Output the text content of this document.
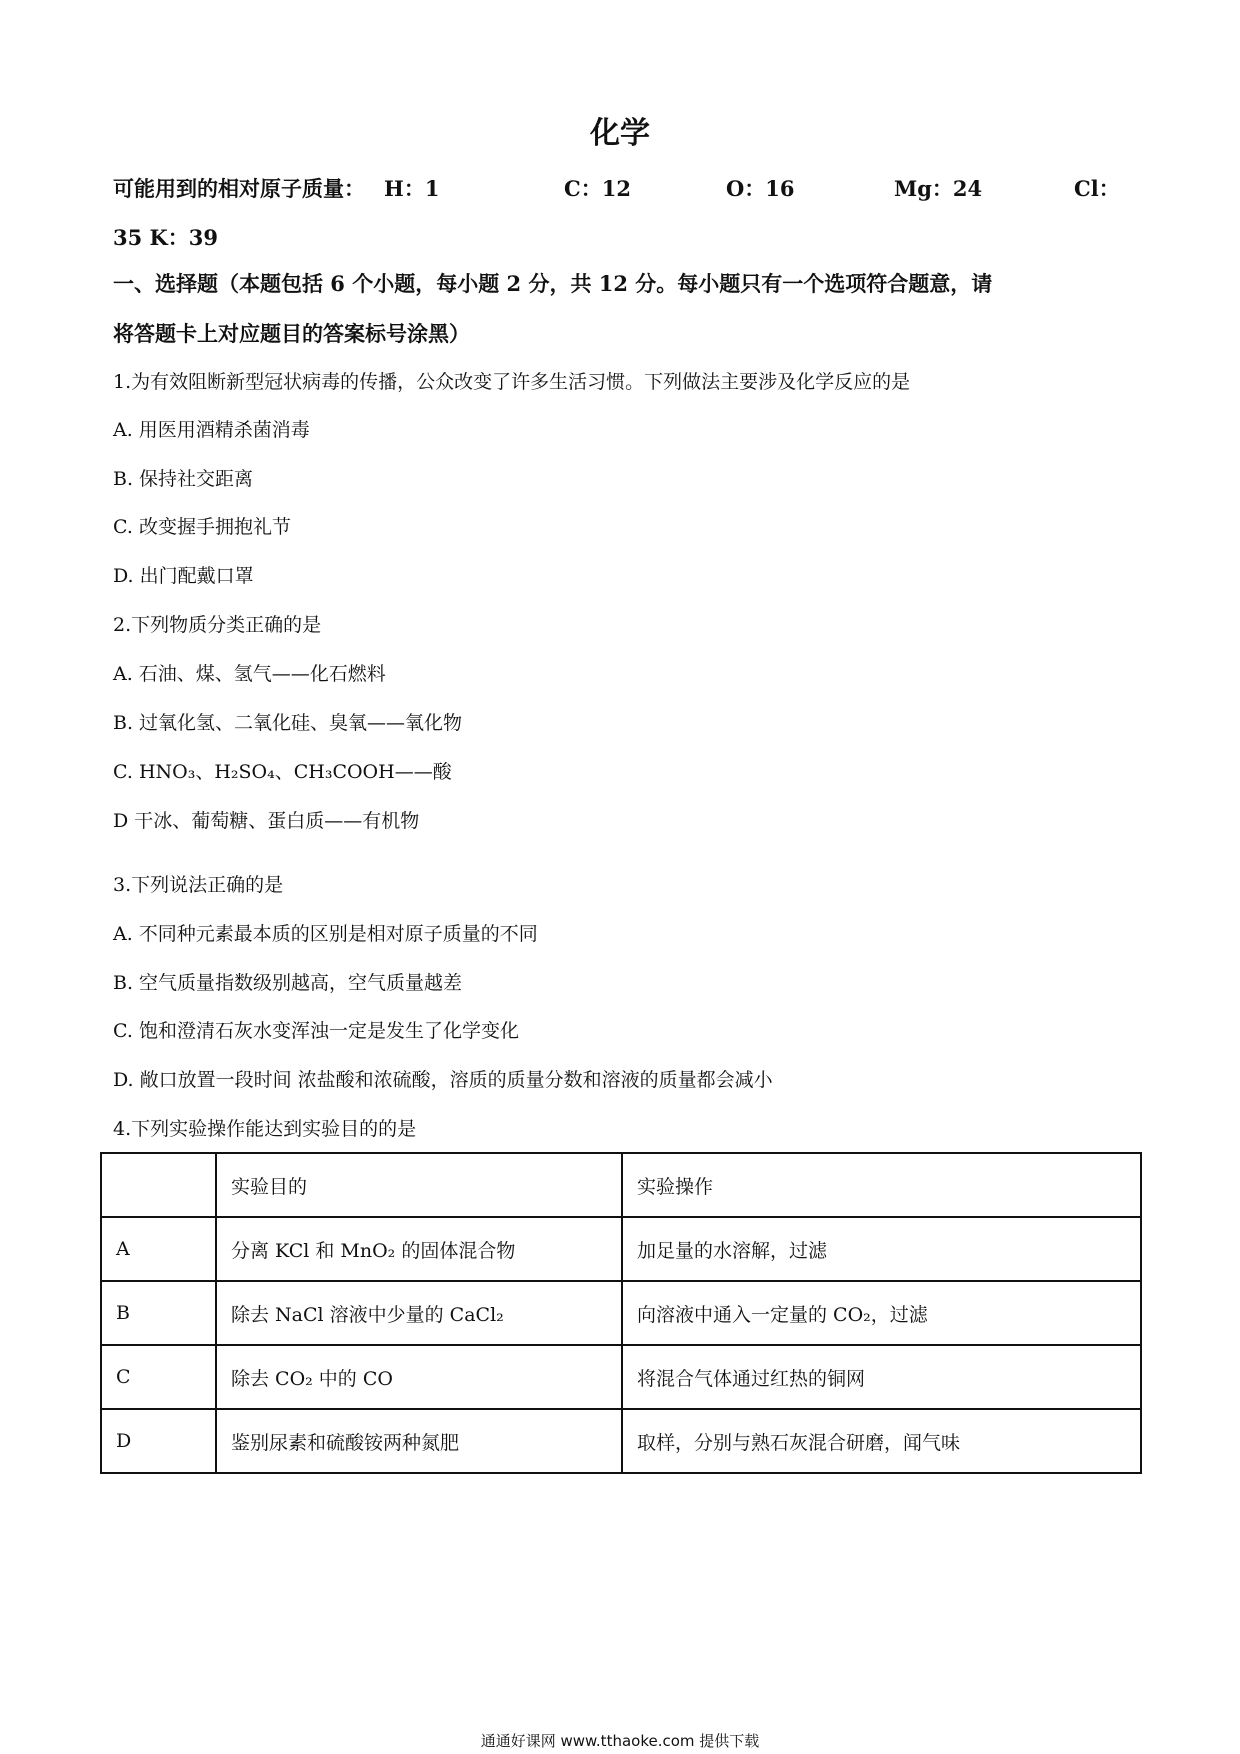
化学
可能用到的相对原子质量： H：1	C：12	O：16	Mg：24	Cl：
35 K：39
一、选择题（本题包括 6 个小题，每小题 2 分，共 12 分。每小题只有一个选项符合题意，请
将答题卡上对应题目的答案标号涂黑）
1.为有效阻断新型冠状病毒的传播，公众改变了许多生活习惯。下列做法主要涉及化学反应的是
A. 用医用酒精杀菌消毒
B. 保持社交距离
C. 改变握手拥抱礼节
D. 出门配戴口罩
2.下列物质分类正确的是
A. 石油、煤、氢气——化石燃料
B. 过氧化氢、二氧化硅、臭氧——氧化物
C. HNO₃、H₂SO₄、CH₃COOH——酸
D 干冰、葡萄糖、蛋白质——有机物
3.下列说法正确的是
A. 不同种元素最本质的区别是相对原子质量的不同
B. 空气质量指数级别越高，空气质量越差
C. 饱和澄清石灰水变浑浊一定是发生了化学变化
D. 敞口放置一段时间 浓盐酸和浓硫酸，溶质的质量分数和溶液的质量都会减小
4.下列实验操作能达到实验目的的是
	实验目的	实验操作
A	分离 KCl 和 MnO₂ 的固体混合物	加足量的水溶解，过滤
B	除去 NaCl 溶液中少量的 CaCl₂	向溶液中通入一定量的 CO₂，过滤
C	除去 CO₂ 中的 CO	将混合气体通过红热的铜网
D	鉴别尿素和硫酸铵两种氮肥	取样，分别与熟石灰混合研磨，闻气味
通通好课网 www.tthaoke.com 提供下载
